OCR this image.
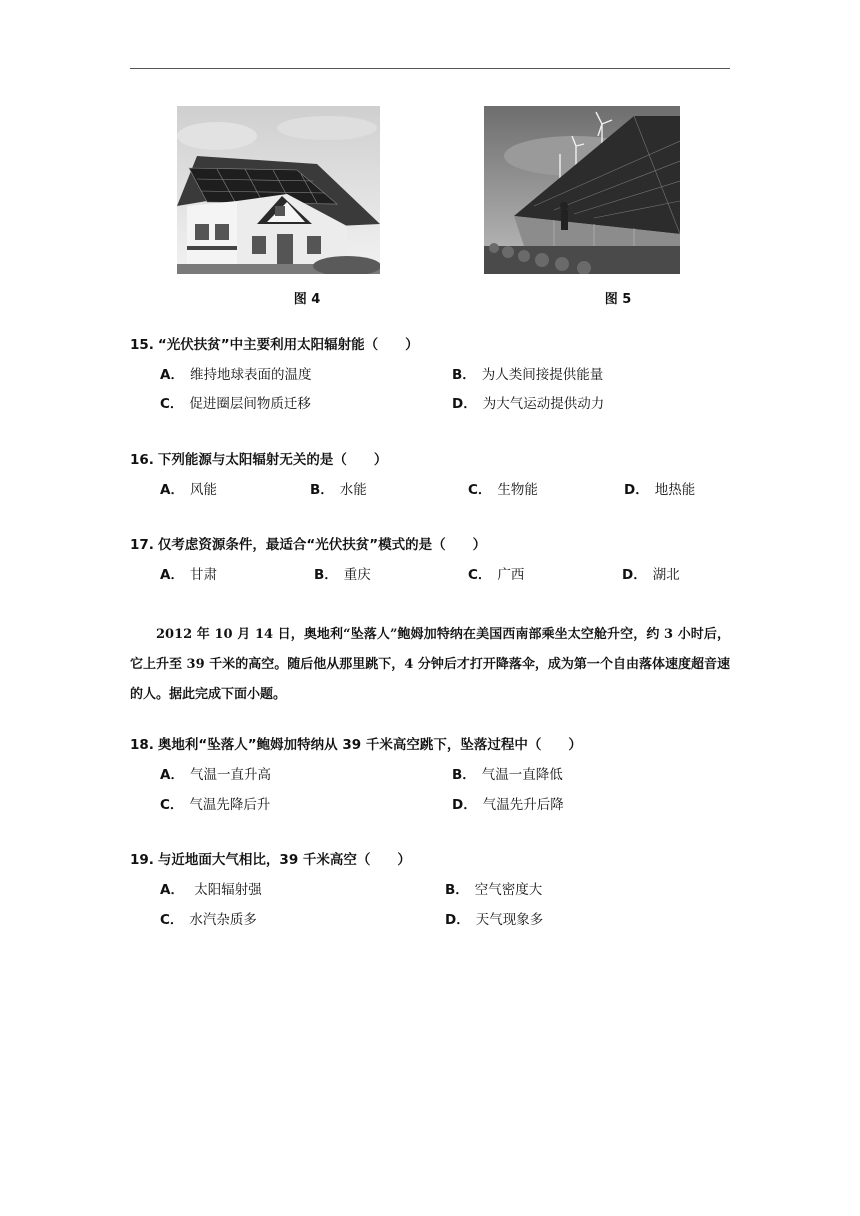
图 4	图 5
15. “光伏扶贫”中主要利用太阳辐射能（　　）
A． 维持地球表面的温度	B． 为人类间接提供能量
C． 促进圈层间物质迁移	D． 为大气运动提供动力
16. 下列能源与太阳辐射无关的是（　　）
A． 风能	B． 水能	C． 生物能	D． 地热能
17. 仅考虑资源条件，最适合“光伏扶贫”模式的是（　　）
A． 甘肃	B． 重庆	C． 广西	D． 湖北
2012 年 10 月 14 日，奥地利“坠落人”鲍姆加特纳在美国西南部乘坐太空舱升空，约 3 小时后，它上升至 39 千米的高空。随后他从那里跳下，4 分钟后才打开降落伞，成为第一个自由落体速度超音速的人。据此完成下面小题。
18. 奥地利“坠落人”鲍姆加特纳从 39 千米高空跳下，坠落过程中（　　）
A． 气温一直升高	B． 气温一直降低
C． 气温先降后升	D． 气温先升后降
19. 与近地面大气相比，39 千米高空（　　）
A． 太阳辐射强	B． 空气密度大
C． 水汽杂质多	D． 天气现象多
